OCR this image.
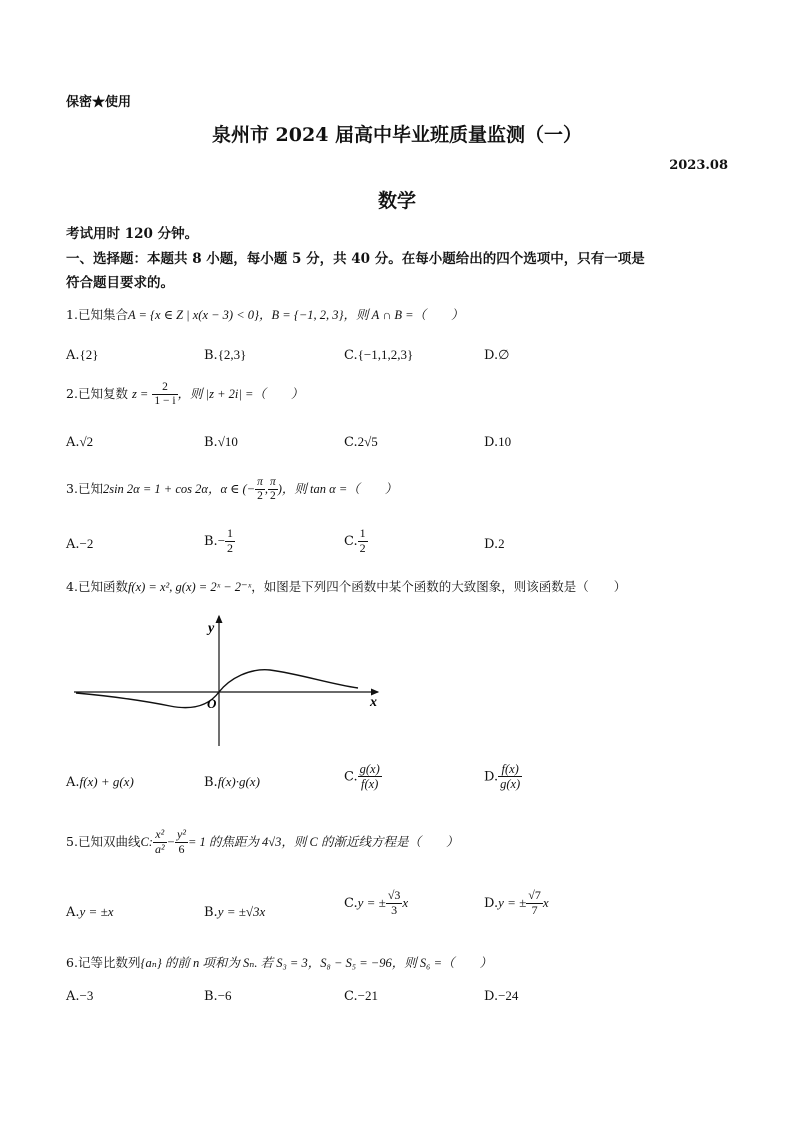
保密★使用
泉州市 2024 届高中毕业班质量监测（一）
2023.08
数学
考试用时 120 分钟。
一、选择题：本题共 8 小题，每小题 5 分，共 40 分。在每小题给出的四个选项中，只有一项是
符合题目要求的。
1.已知集合A = {x ∈ Z | x(x − 3) < 0}，B = {−1, 2, 3}，则 A ∩ B =（　　）
A.{2}	B.{2,3}	C.{−1,1,2,3}	D.∅
2.已知复数 $z = \frac{2}{1 - i}$ ，则 |z + 2i| =（　　）
A.√2	B.√10	C.2√5	D.10
3.已知2sin 2α = 1 + cos 2α，α ∈ (− $\frac{\pi}{2}$ , $\frac{\pi}{2}$ )，则 tan α =（　　）
A.−2	$B.- \frac{1}{2}$	C. $\frac{1}{2}$	D.2
4.已知函数f(x) = x², g(x) = 2ˣ − 2⁻ˣ，如图是下列四个函数中某个函数的大致图象，则该函数是（　　）
y
x
O
A.f(x) + g(x)	B.f(x)·g(x)	C. $\frac{g(x)}{f(x)}$	D. $\frac{f(x)}{g(x)}$
5.已知双曲线C: $\frac{\text{x²}}{\text{a²}} - \frac{\text{y²}}{6} = 1$ 的焦距为 4√3，则 C 的渐近线方程是（　　）
A.y = ±x	B.y = ±√3x
C.y = ± $\frac{√3}{3}$ x	D.y = ± $\frac{√7}{7}$ x
6.记等比数列{aₙ} 的前 n 项和为 Sₙ. 若 S₃ = 3，S₈ − S₅ = −96，则 S₆ =（　　）
A.−3	B.−6	C.−21	D.−24
